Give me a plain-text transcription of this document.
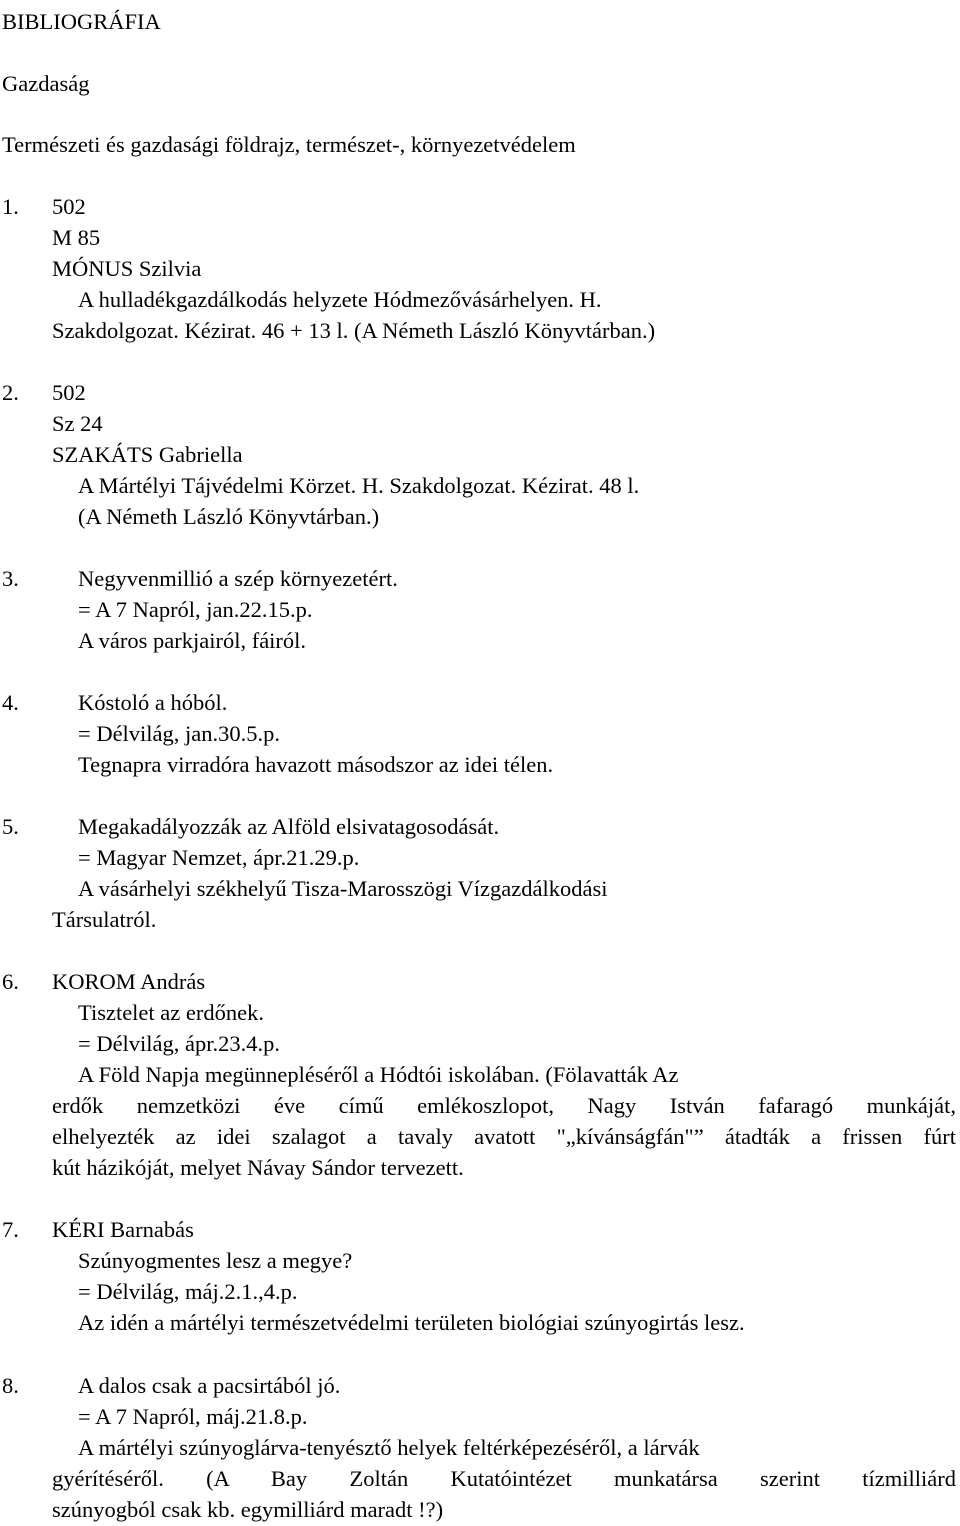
BIBLIOGRÁFIA

Gazdaság

Természeti és gazdasági földrajz, természet-, környezetvédelem

1. 502

M 85

MÓNUS Szilvia

A hulladékgazdálkodás helyzete Hódmezővásárhelyen. H.

Szakdolgozat. Kézirat. 46 + 13 l. (A Németh László Könyvtárban.)

2. 502

Sz 24

SZAKÁTS Gabriella

A Mártélyi Tájvédelmi Körzet. H. Szakdolgozat. Kézirat. 48 l.

(A Németh László Könyvtárban.)

3.	Negyvenmillió a szép környezetért.

= A 7 Napról, jan.22.15.p.

A város parkjairól, fáiról.

4.	Kóstoló a hóból.

= Délvilág, jan.30.5.p.

Tegnapra virradóra havazott másodszor az idei télen.

5.	Megakadályozzák az Alföld elsivatagosodását.

= Magyar Nemzet, ápr.21.29.p.

A vásárhelyi székhelyű Tisza-Marosszögi Vízgazdálkodási

Társulatról.

6. KOROM András

Tisztelet az erdőnek.

= Délvilág, ápr.23.4.p.

A Föld Napja megünnepléséről a Hódtói iskolában. (Fölavatták Az

erdők nemzetközi éve című emlékoszlopot, Nagy István fafaragó munkáját,

elhelyezték az idei szalagot a tavaly avatott "„kívánságfán"” átadták a frissen fúrt

kút házikóját, melyet Návay Sándor tervezett.

7. KÉRI Barnabás

Szúnyogmentes lesz a megye?

= Délvilág, máj.2.1.,4.p.

Az idén a mártélyi természetvédelmi területen biológiai szúnyogirtás lesz.

8.	A dalos csak a pacsirtából jó.

= A 7 Napról, máj.21.8.p.

A mártélyi szúnyoglárva-tenyésztő helyek feltérképezéséről, a lárvák

gyérítéséről. (A Bay Zoltán Kutatóintézet munkatársa szerint tízmilliárd

szúnyogból csak kb. egymilliárd maradt !?)
